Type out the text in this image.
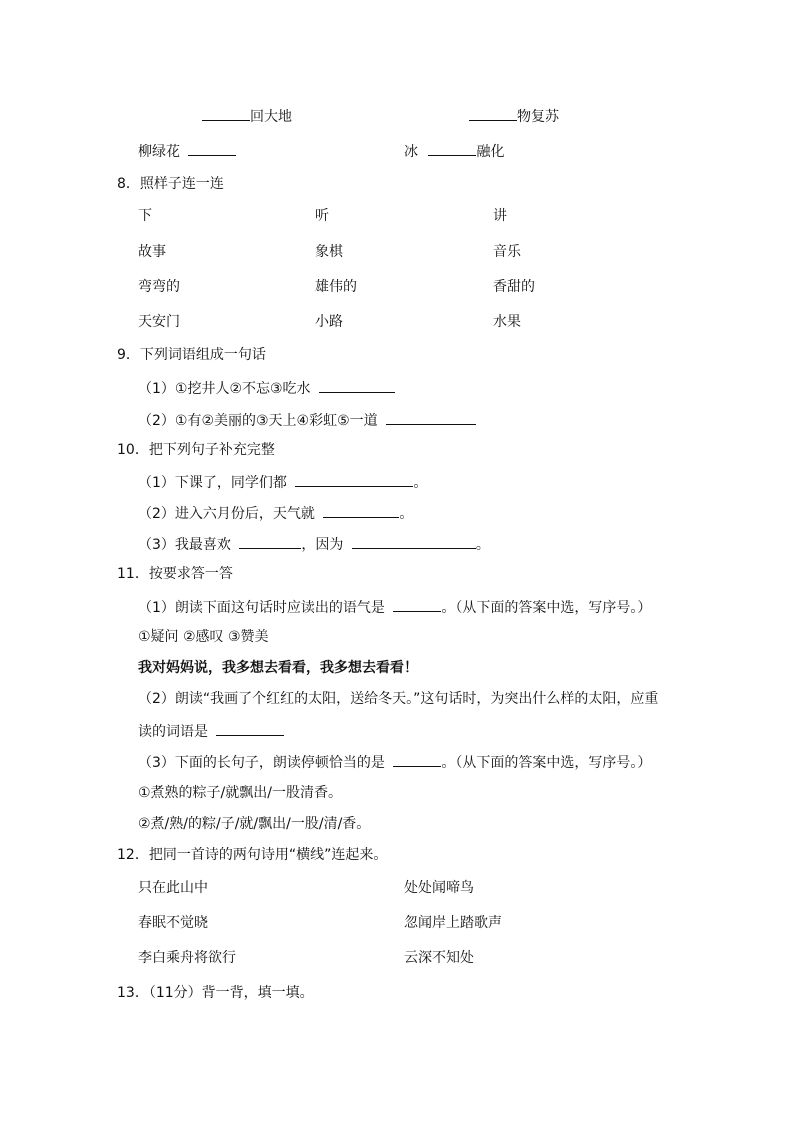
回大地	物复苏
柳绿花	冰	融化
8．照样子连一连
下	听	讲
故事	象棋	音乐
弯弯的	雄伟的	香甜的
天安门	小路	水果
9．下列词语组成一句话
（1）①挖井人②不忘③吃水
（2）①有②美丽的③天上④彩虹⑤一道
10．把下列句子补充完整
（1）下课了，同学们都	。
（2）进入六月份后，天气就	。
（3）我最喜欢	，因为	。
11．按要求答一答
（1）朗读下面这句话时应读出的语气是	。（从下面的答案中选，写序号。）
①疑问 ②感叹 ③赞美
我对妈妈说，我多想去看看，我多想去看看！
（2）朗读“我画了个红红的太阳，送给冬天。”这句话时，为突出什么样的太阳，应重
读的词语是
（3）下面的长句子，朗读停顿恰当的是	。（从下面的答案中选，写序号。）
①煮熟的粽子/就飘出/一股清香。
②煮/熟/的粽/子/就/飘出/一股/清/香。
12．把同一首诗的两句诗用“横线”连起来。
只在此山中	处处闻啼鸟
春眠不觉晓	忽闻岸上踏歌声
李白乘舟将欲行	云深不知处
13．（11分）背一背，填一填。
